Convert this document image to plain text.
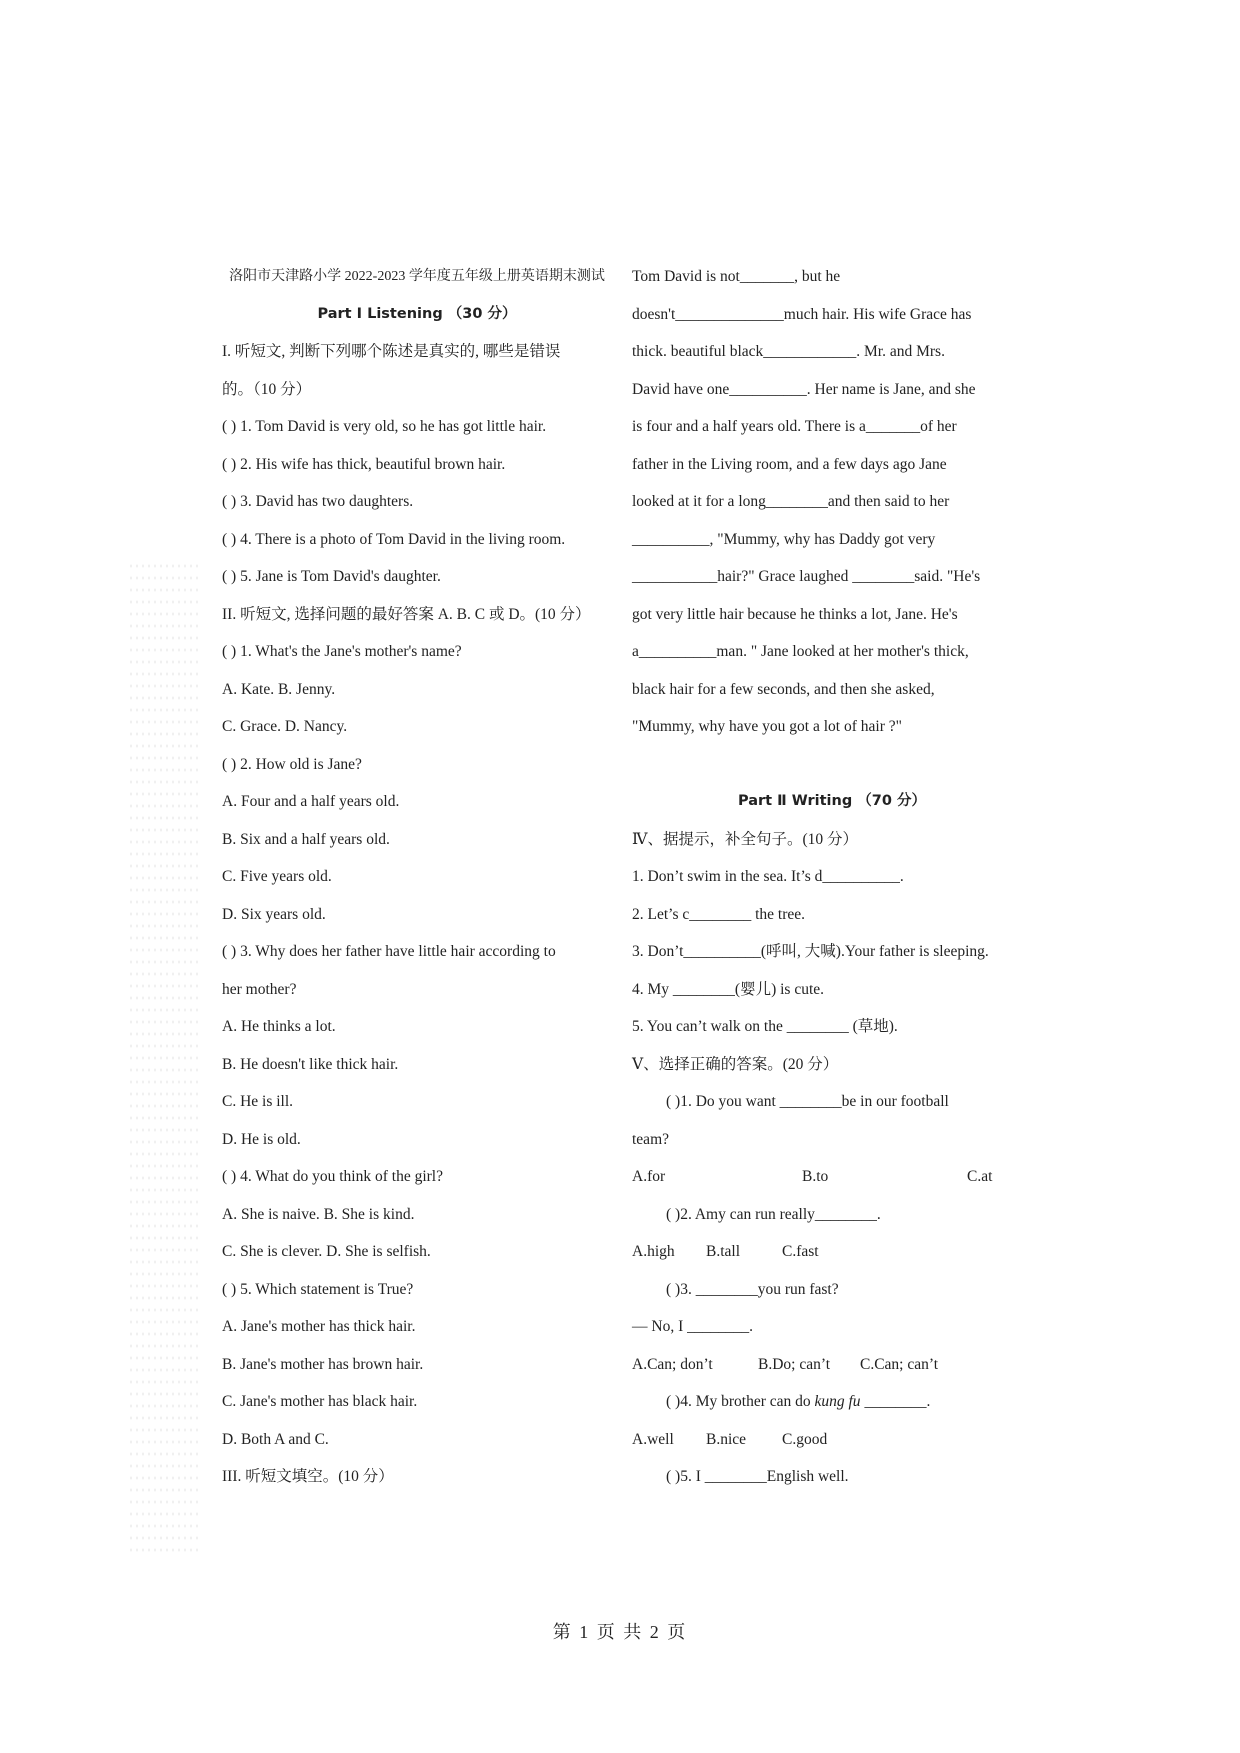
洛阳市天津路小学 2022-2023 学年度五年级上册英语期末测试
Part Ⅰ Listening （30 分）
I. 听短文, 判断下列哪个陈述是真实的, 哪些是错误
的。（10 分）
( ) 1. Tom David is very old, so he has got little hair.
( ) 2. His wife has thick, beautiful brown hair.
( ) 3. David has two daughters.
( ) 4. There is a photo of Tom David in the living room.
( ) 5. Jane is Tom David's daughter.
II. 听短文, 选择问题的最好答案 A. B. C 或 D。(10 分）
( ) 1. What's the Jane's mother's name?
A. Kate. B. Jenny.
C. Grace. D. Nancy.
( ) 2. How old is Jane?
A. Four and a half years old.
B. Six and a half years old.
C. Five years old.
D. Six years old.
( ) 3. Why does her father have little hair according to
her mother?
A. He thinks a lot.
B. He doesn't like thick hair.
C. He is ill.
D. He is old.
( ) 4. What do you think of the girl?
A. She is naive. B. She is kind.
C. She is clever. D. She is selfish.
( ) 5. Which statement is True?
A. Jane's mother has thick hair.
B. Jane's mother has brown hair.
C. Jane's mother has black hair.
D. Both A and C.
III. 听短文填空。(10 分）
Tom David is not_______, but he
doesn't______________much hair. His wife Grace has
thick. beautiful black____________. Mr. and Mrs.
David have one__________. Her name is Jane, and she
is four and a half years old. There is a_______of her
father in the Living room, and a few days ago Jane
looked at it for a long________and then said to her
__________, "Mummy, why has Daddy got very
___________hair?" Grace laughed ________said. "He's
got very little hair because he thinks a lot, Jane. He's
a__________man. " Jane looked at her mother's thick,
black hair for a few seconds, and then she asked,
"Mummy, why have you got a lot of hair ?"
Part Ⅱ Writing （70 分）
Ⅳ、据提示，补全句子。(10 分）
1. Don’t swim in the sea. It’s d__________.
2. Let’s c________ the tree.
3. Don’t__________(呼叫, 大喊).Your father is sleeping.
4. My ________(婴儿) is cute.
5. You can’t walk on the ________ (草地).
Ⅴ、选择正确的答案。(20 分）
( )1. Do you want ________be in our football
team?
A.for	B.to	C.at
( )2. Amy can run really________.
A.high	B.tall	C.fast
( )3. ________you run fast?
— No, I ________.
A.Can; don’t	B.Do; can’t	C.Can; can’t
( )4. My brother can do kung fu ________.
A.well	B.nice	C.good
( )5. I ________English well.
第 1 页 共 2 页
